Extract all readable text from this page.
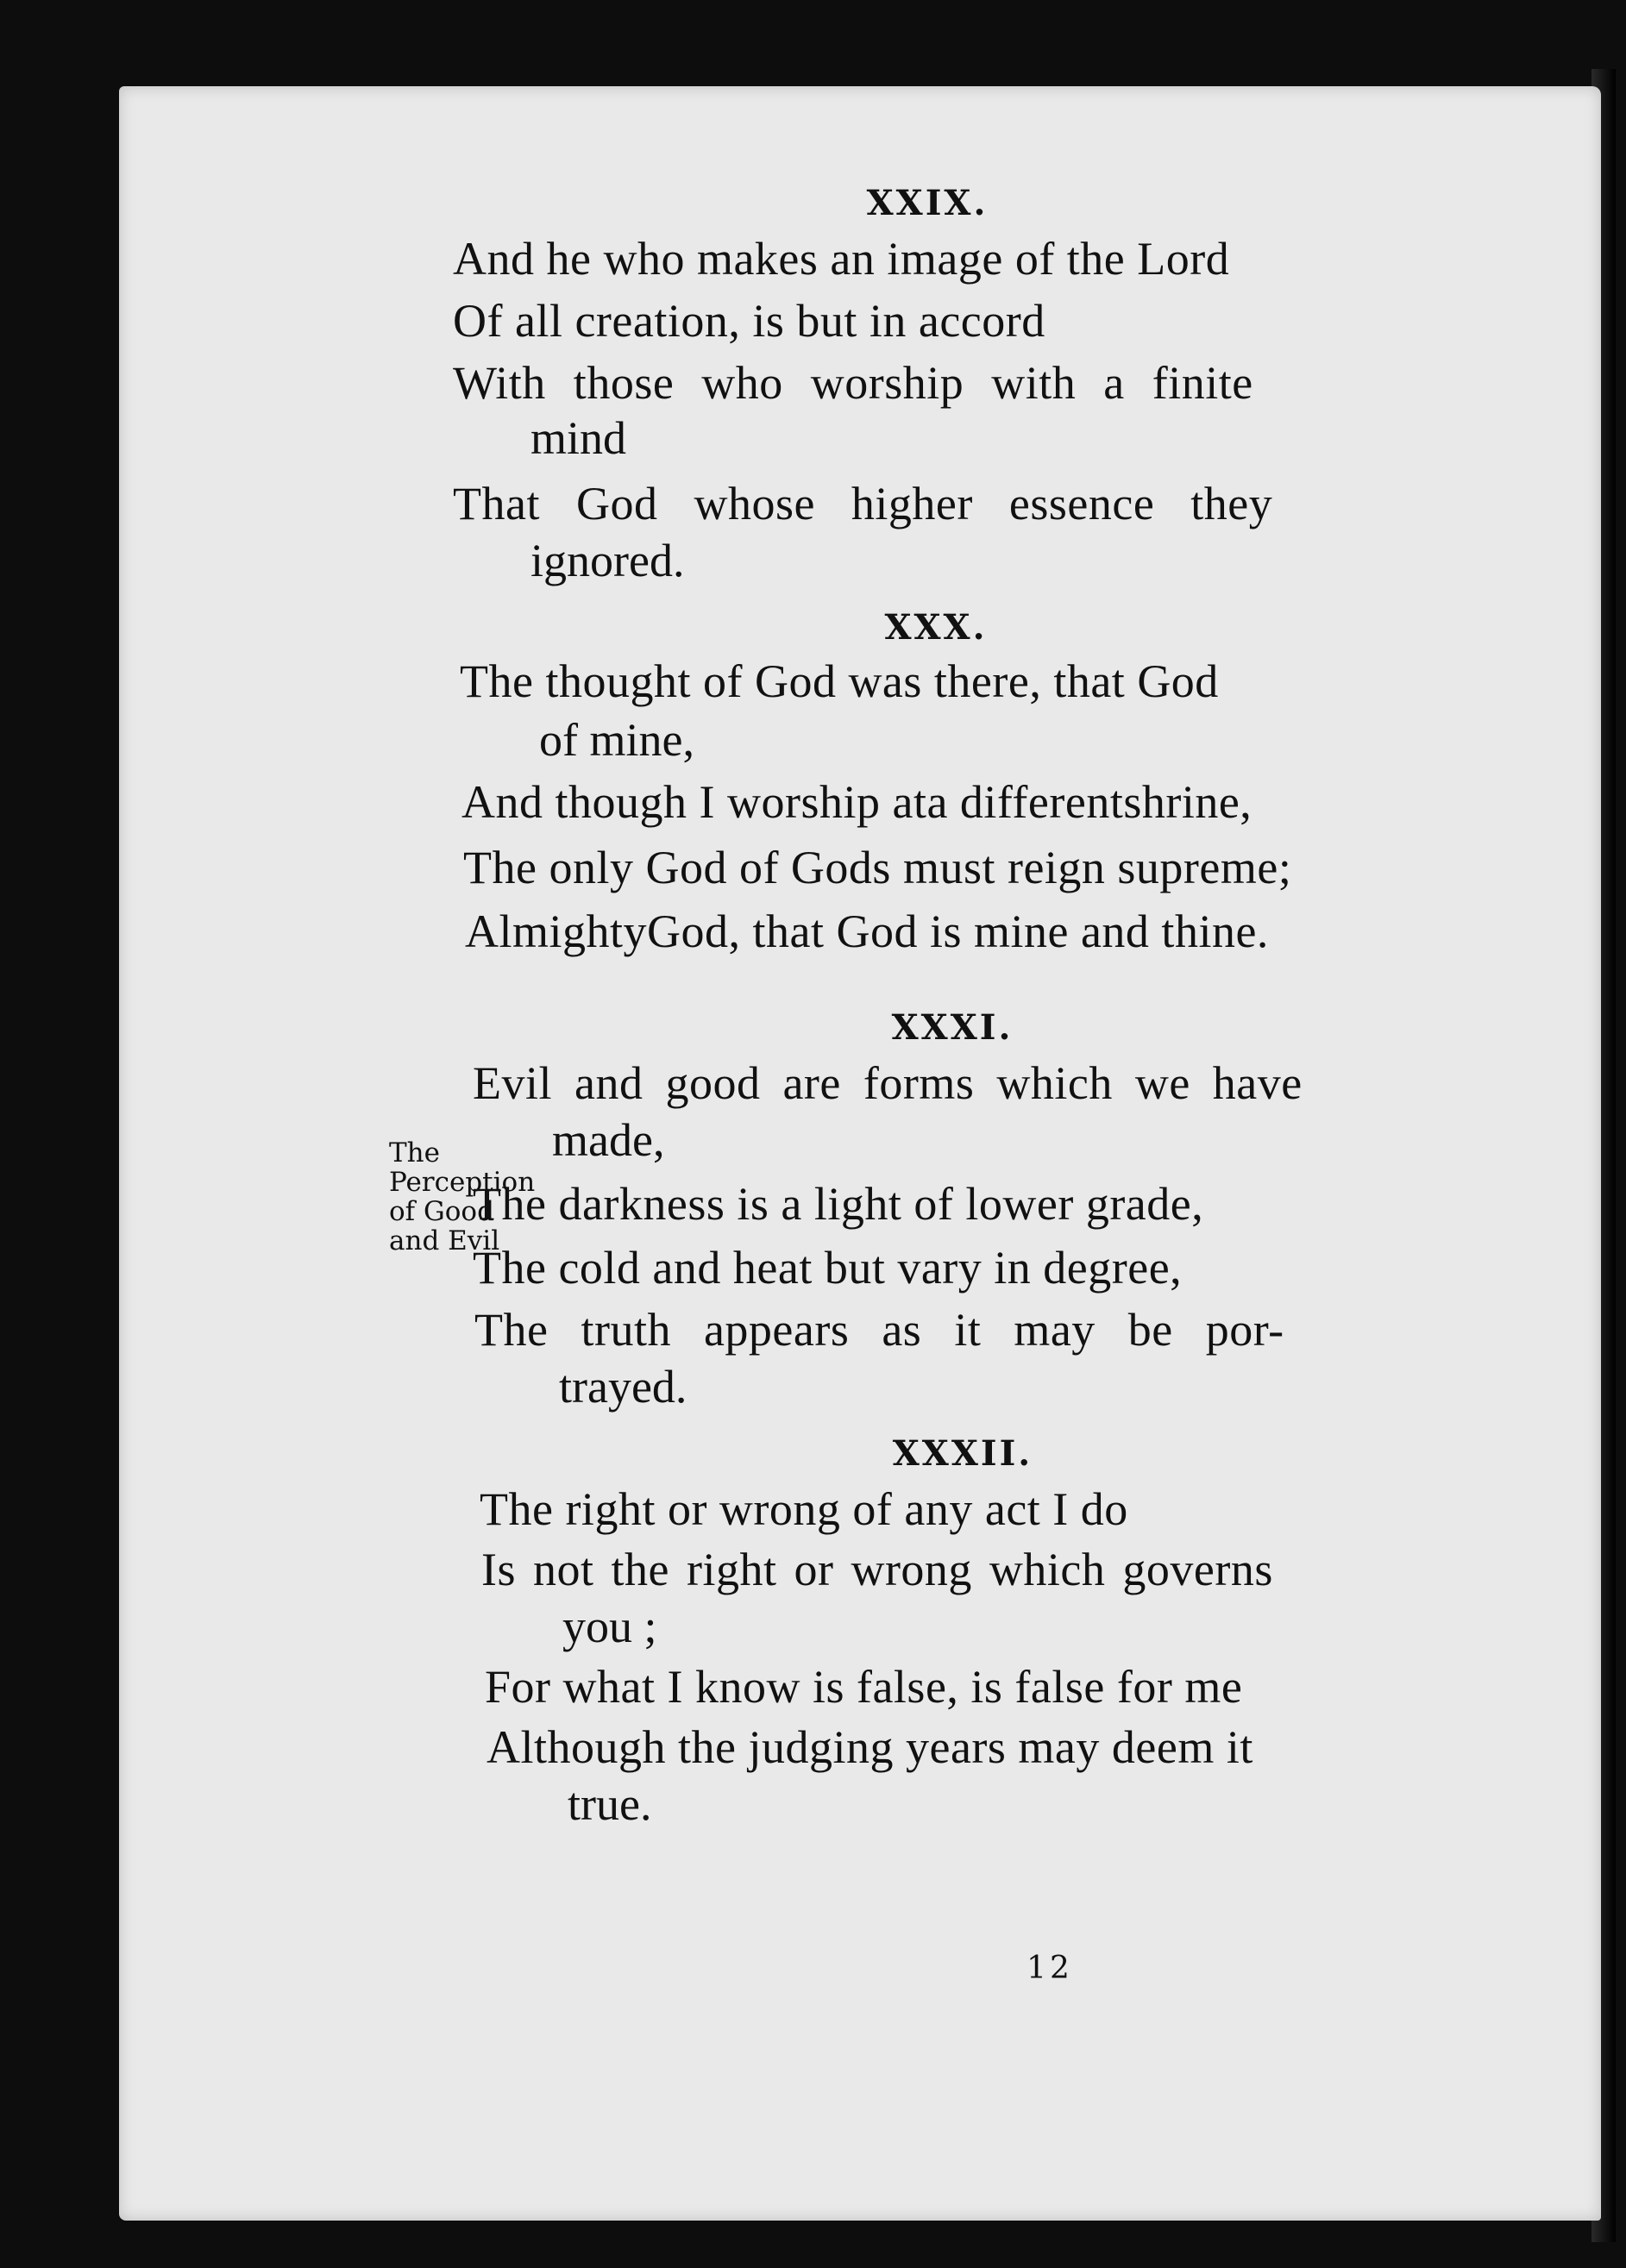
XXIX.
And he who makes an image of the Lord
Of all creation, is but in accord
With those who worship with a finite
mind
That God whose higher essence they
ignored.
XXX.
The thought of God was there, that God
of mine,
And though I worship ata differentshrine,
The only God of Gods must reign supreme;
AlmightyGod, that God is mine and thine.
XXXI.
The
Perception
of Good
and Evil
Evil and good are forms which we have
made,
The darkness is a light of lower grade,
The cold and heat but vary in degree,
The truth appears as it may be por-
trayed.
XXXII.
The right or wrong of any act I do
Is not the right or wrong which governs
you ;
For what I know is false, is false for me
Although the judging years may deem it
true.
12
